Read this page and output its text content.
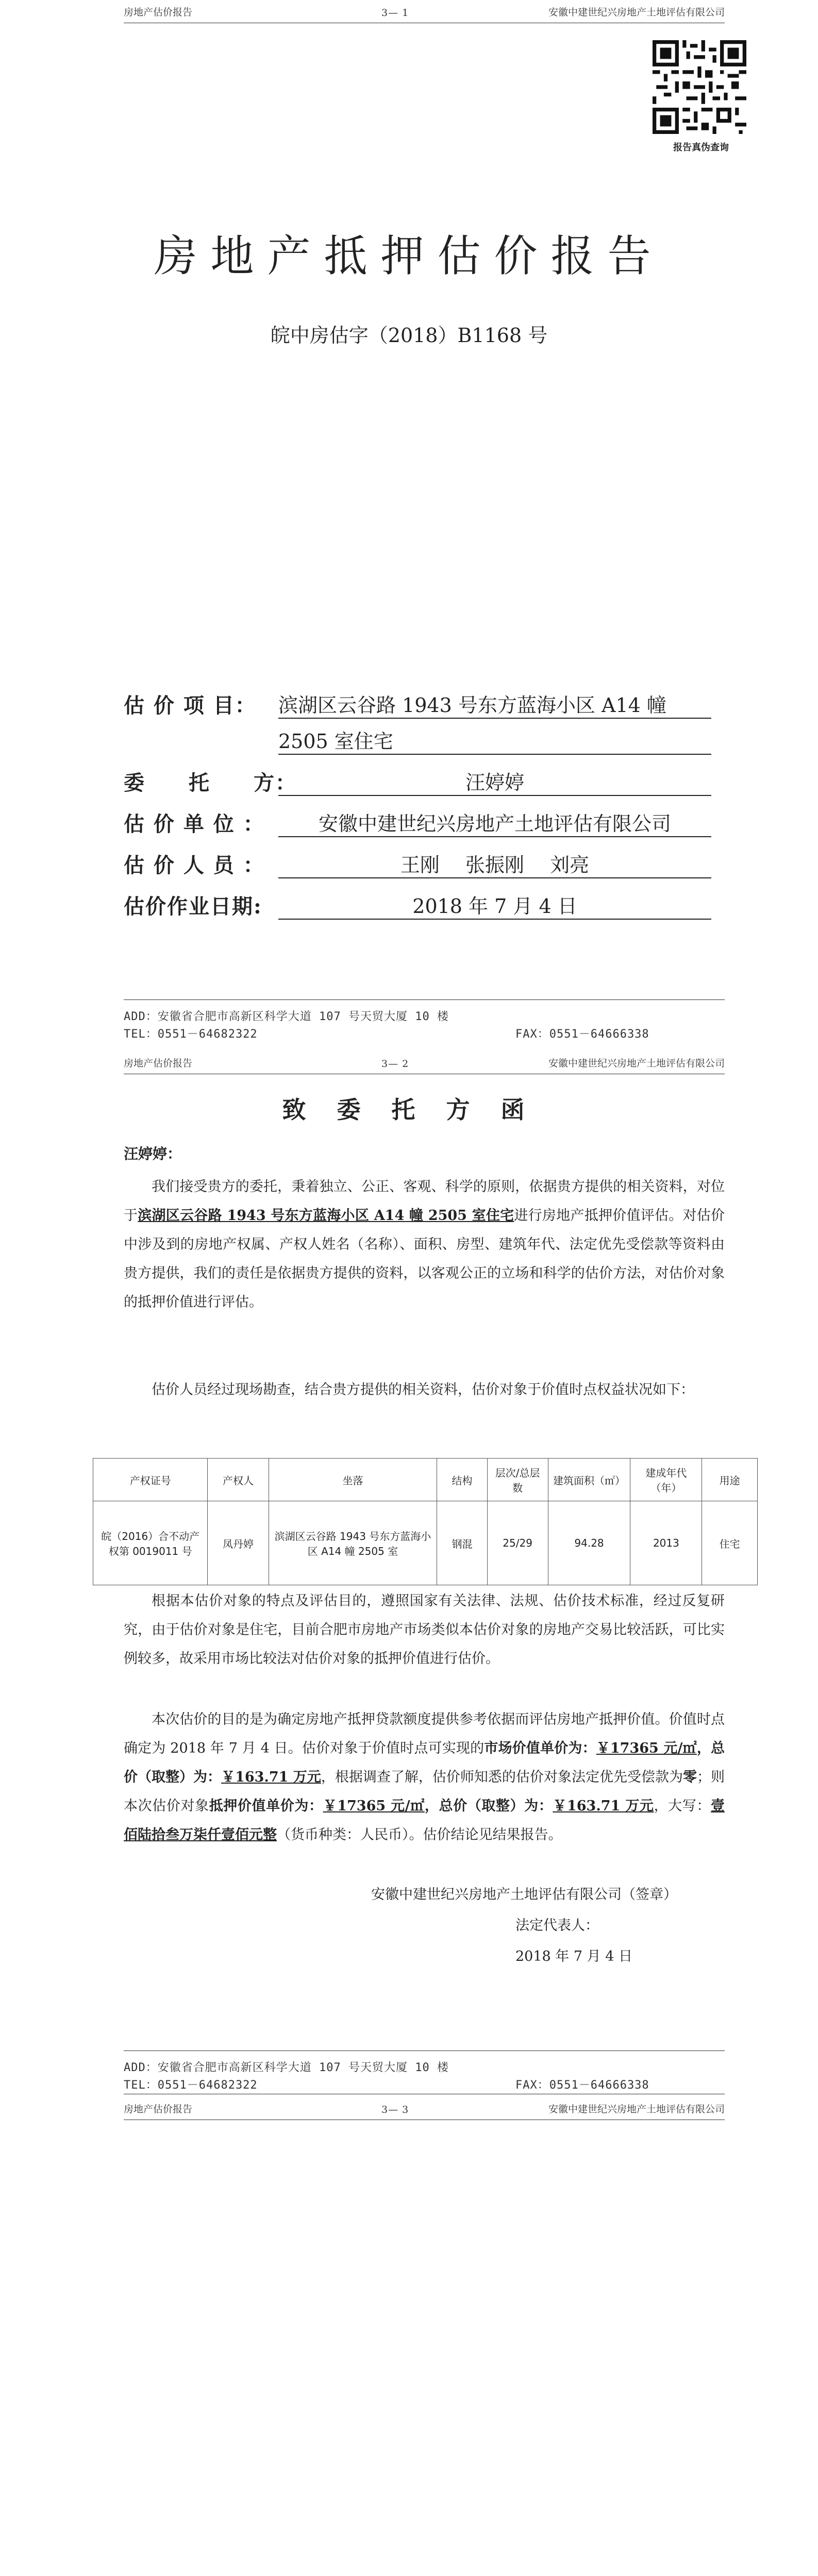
房地产估价报告	3— 1	安徽中建世纪兴房地产土地评估有限公司
报告真伪查询
房地产抵押估价报告
皖中房估字（2018）B1168 号
估 价 项 目： 滨湖区云谷路 1943 号东方蓝海小区 A14 幢
2505 室住宅
委　　托　　方：	汪婷婷
估 价 单 位 ：	安徽中建世纪兴房地产土地评估有限公司
估 价 人 员 ：	王刚　 张振刚　 刘亮
估价作业日期:	2018 年 7 月 4 日
ADD：安徽省合肥市高新区科学大道 107 号天贸大厦 10 楼
TEL：0551－64682322	FAX：0551－64666338
房地产估价报告	3— 2	安徽中建世纪兴房地产土地评估有限公司
致 委 托 方 函
汪婷婷：
我们接受贵方的委托，秉着独立、公正、客观、科学的原则，依据贵方提供的相关资料，对位于滨湖区云谷路 1943 号东方蓝海小区 A14 幢 2505 室住宅进行房地产抵押价值评估。对估价中涉及到的房地产权属、产权人姓名（名称）、面积、房型、建筑年代、法定优先受偿款等资料由贵方提供，我们的责任是依据贵方提供的资料，以客观公正的立场和科学的估价方法，对估价对象的抵押价值进行评估。
估价人员经过现场勘查，结合贵方提供的相关资料，估价对象于价值时点权益状况如下：
产权证号	产权人	坐落	结构	层次/总层数	建筑面积（㎡）	建成年代（年）	用途
皖（2016）合不动产权第 0019011 号	凤丹婷	滨湖区云谷路 1943 号东方蓝海小区 A14 幢 2505 室	钢混	25/29	94.28	2013	住宅
根据本估价对象的特点及评估目的，遵照国家有关法律、法规、估价技术标准，经过反复研究，由于估价对象是住宅，目前合肥市房地产市场类似本估价对象的房地产交易比较活跃，可比实例较多，故采用市场比较法对估价对象的抵押价值进行估价。
本次估价的目的是为确定房地产抵押贷款额度提供参考依据而评估房地产抵押价值。价值时点确定为 2018 年 7 月 4 日。估价对象于价值时点可实现的市场价值单价为：￥17365 元/㎡，总价（取整）为：￥163.71 万元，根据调查了解，估价师知悉的估价对象法定优先受偿款为零；则本次估价对象抵押价值单价为：￥17365 元/㎡，总价（取整）为：￥163.71 万元，大写：壹佰陆拾叁万柒仟壹佰元整（货币种类：人民币）。估价结论见结果报告。
安徽中建世纪兴房地产土地评估有限公司（签章）
法定代表人：
2018 年 7 月 4 日
ADD：安徽省合肥市高新区科学大道 107 号天贸大厦 10 楼
TEL：0551－64682322	FAX：0551－64666338
房地产估价报告	3— 3	安徽中建世纪兴房地产土地评估有限公司
